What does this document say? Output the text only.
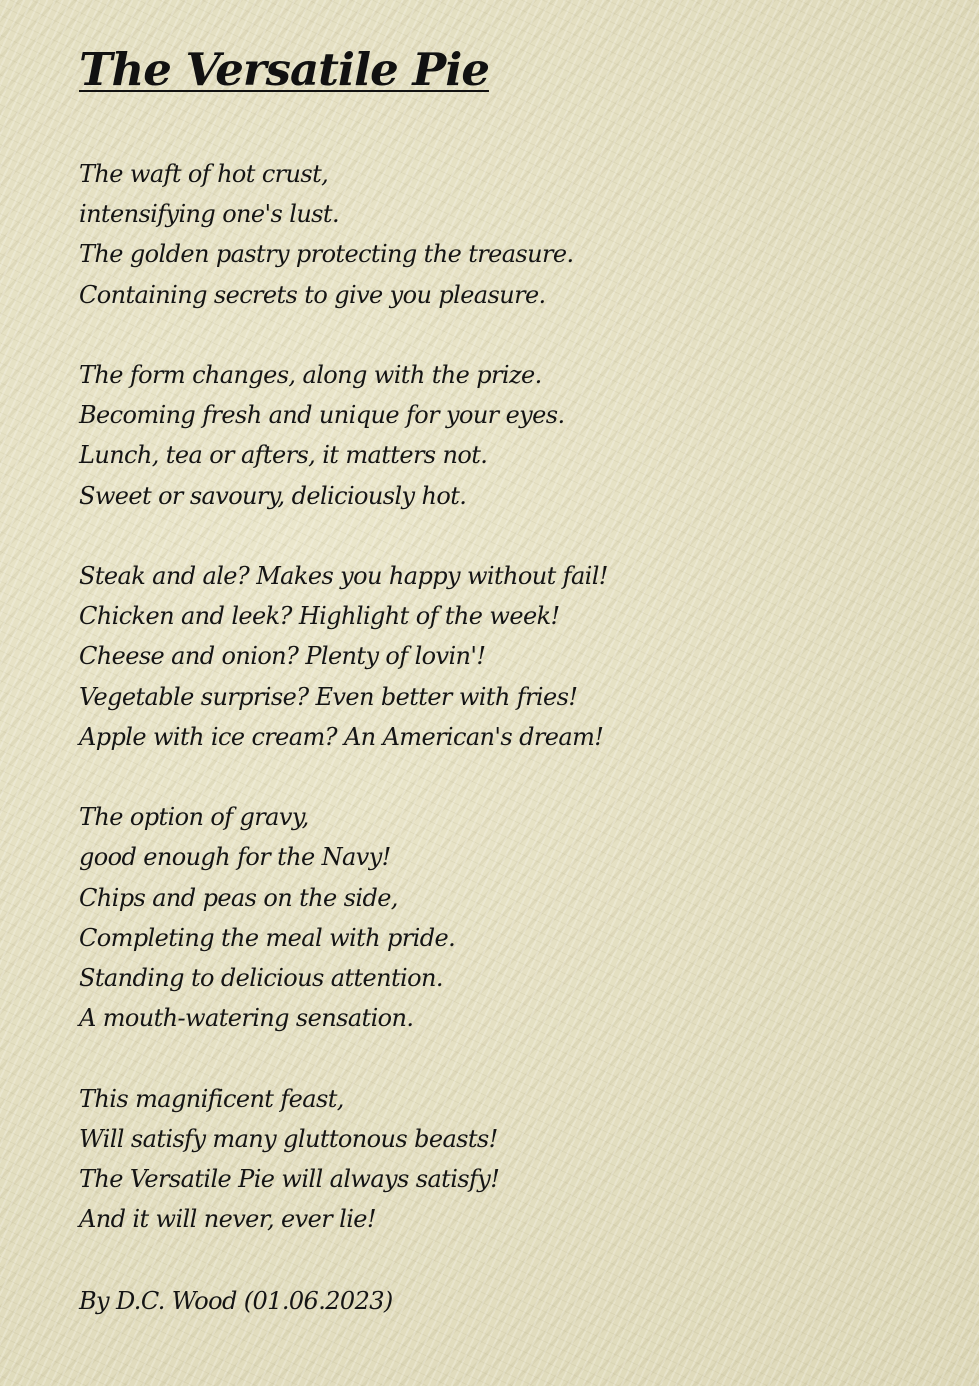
The Versatile Pie
The waft of hot crust,
intensifying one's lust.
The golden pastry protecting the treasure.
Containing secrets to give you pleasure.
The form changes, along with the prize.
Becoming fresh and unique for your eyes.
Lunch, tea or afters, it matters not.
Sweet or savoury, deliciously hot.
Steak and ale? Makes you happy without fail!
Chicken and leek? Highlight of the week!
Cheese and onion? Plenty of lovin'!
Vegetable surprise? Even better with fries!
Apple with ice cream? An American's dream!
The option of gravy,
good enough for the Navy!
Chips and peas on the side,
Completing the meal with pride.
Standing to delicious attention.
A mouth-watering sensation.
This magnificent feast,
Will satisfy many gluttonous beasts!
The Versatile Pie will always satisfy!
And it will never, ever lie!
By D.C. Wood (01.06.2023)
